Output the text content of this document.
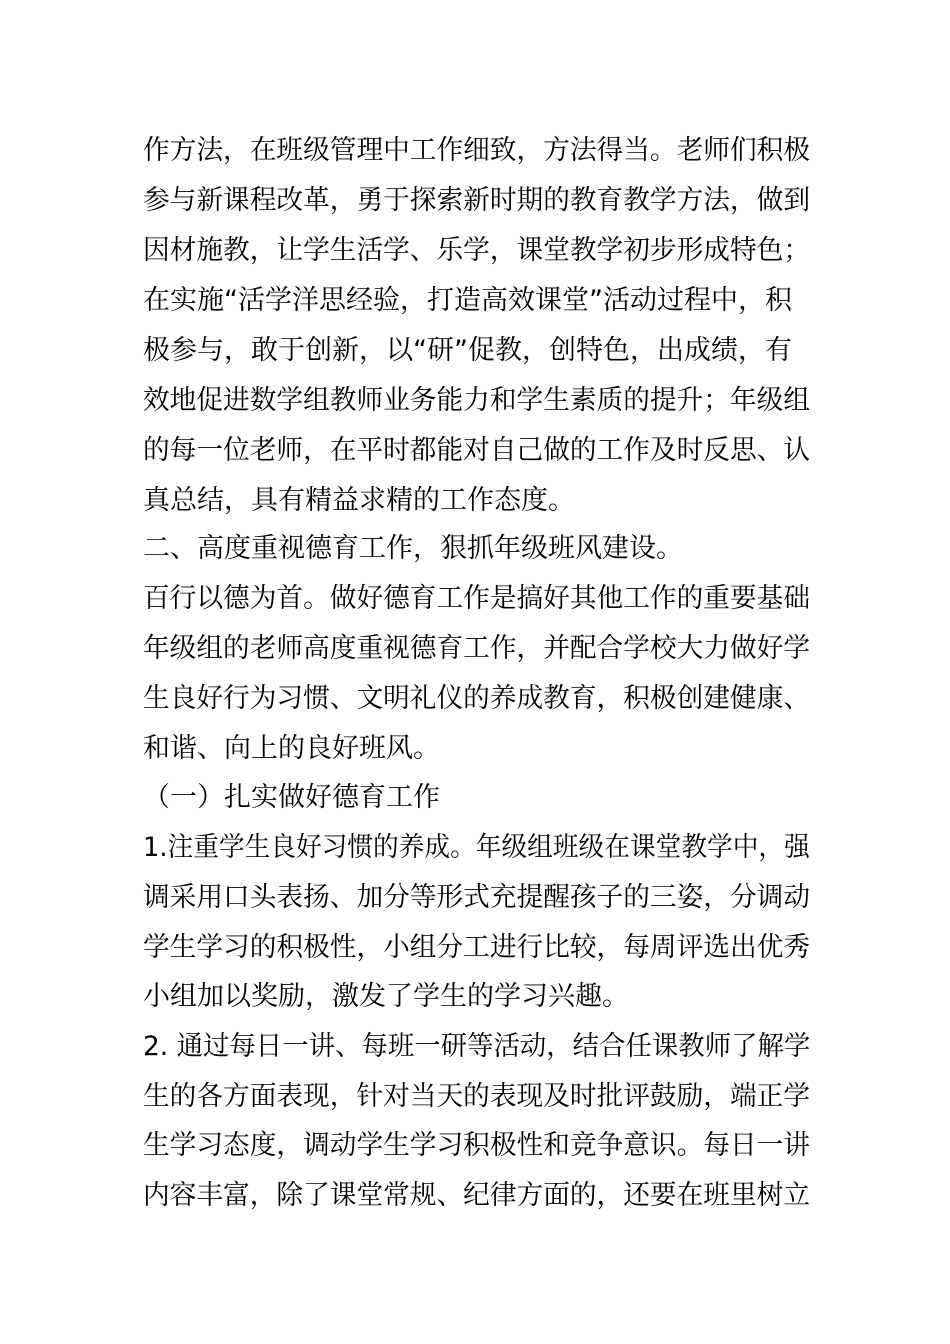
作方法，在班级管理中工作细致，方法得当。老师们积极
参与新课程改革，勇于探索新时期的教育教学方法，做到
因材施教，让学生活学、乐学，课堂教学初步形成特色；
在实施“活学洋思经验，打造高效课堂”活动过程中，积
极参与，敢于创新，以“研”促教，创特色，出成绩，有
效地促进数学组教师业务能力和学生素质的提升；年级组
的每一位老师，在平时都能对自己做的工作及时反思、认
真总结，具有精益求精的工作态度。
二、高度重视德育工作，狠抓年级班风建设。
百行以德为首。做好德育工作是搞好其他工作的重要基础
年级组的老师高度重视德育工作，并配合学校大力做好学
生良好行为习惯、文明礼仪的养成教育，积极创建健康、
和谐、向上的良好班风。
（一）扎实做好德育工作
1.注重学生良好习惯的养成。年级组班级在课堂教学中，强
调采用口头表扬、加分等形式充提醒孩子的三姿，分调动
学生学习的积极性，小组分工进行比较，每周评选出优秀
小组加以奖励，激发了学生的学习兴趣。
2. 通过每日一讲、每班一研等活动，结合任课教师了解学
生的各方面表现，针对当天的表现及时批评鼓励，端正学
生学习态度，调动学生学习积极性和竞争意识。每日一讲
内容丰富，除了课堂常规、纪律方面的，还要在班里树立
